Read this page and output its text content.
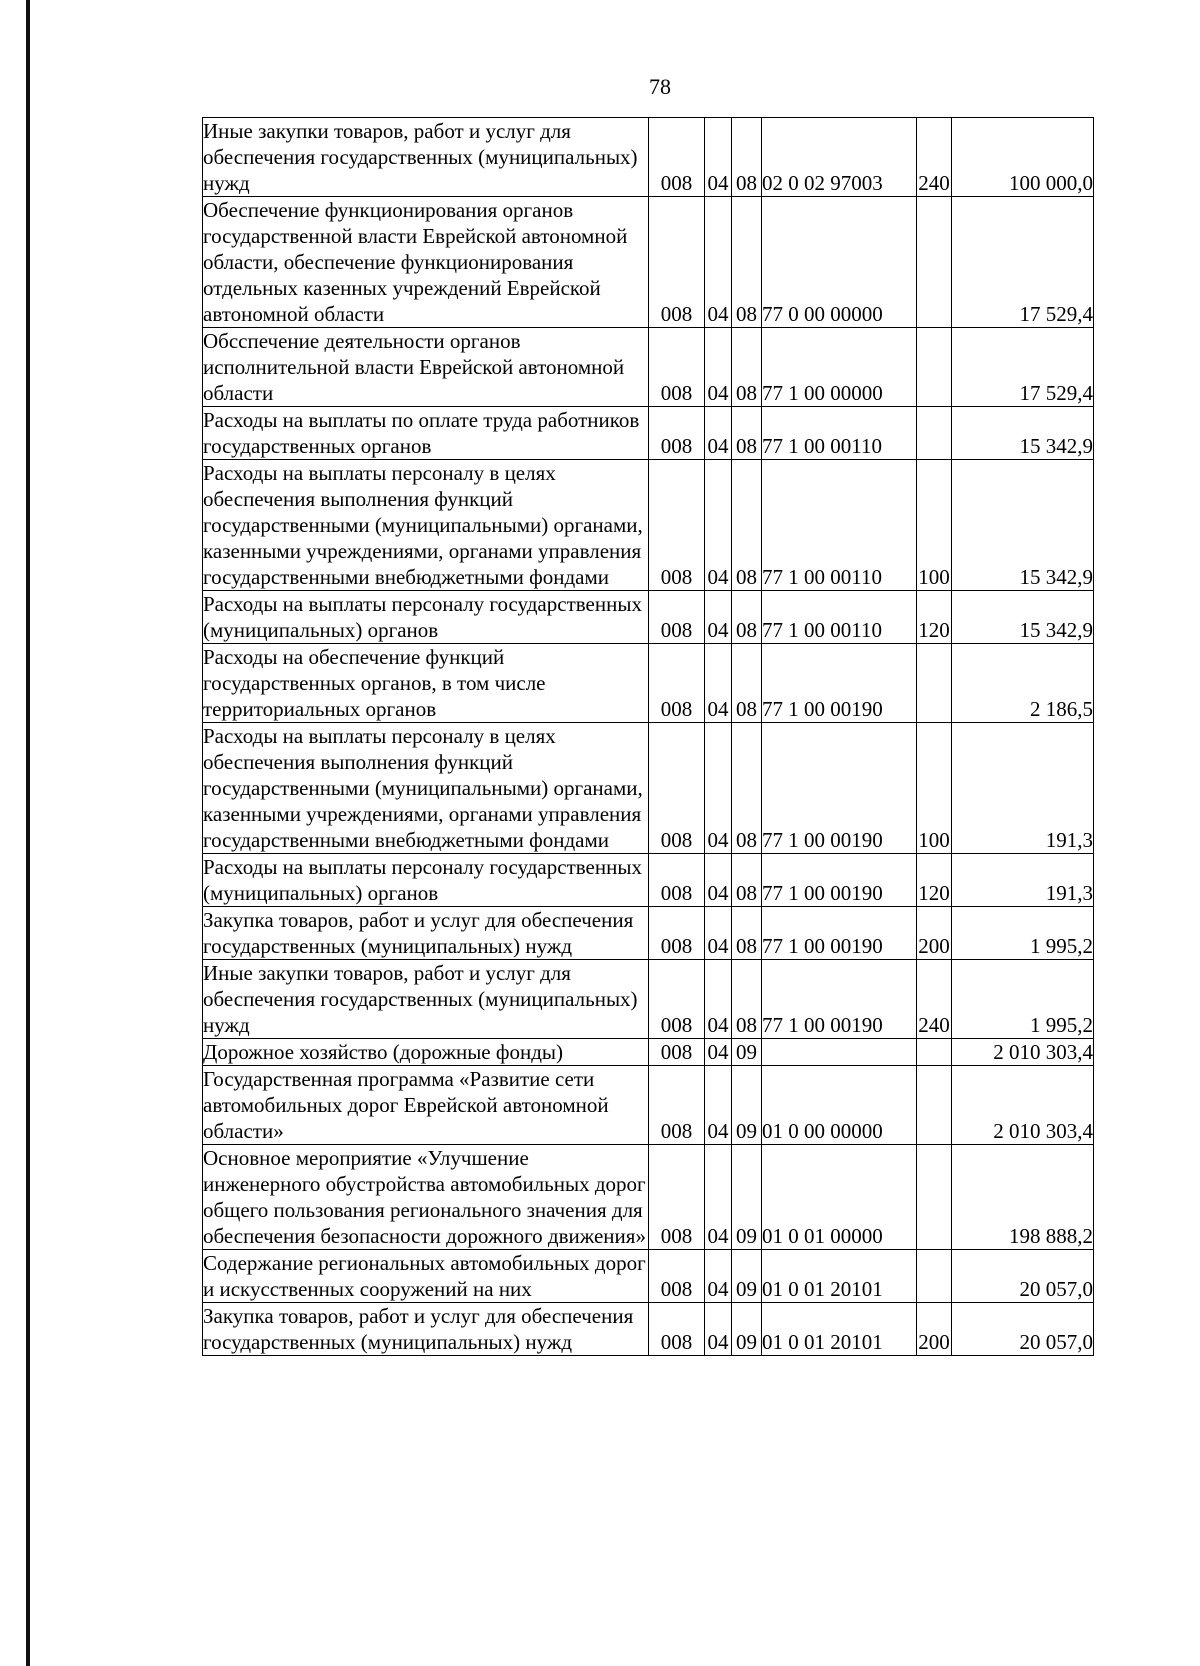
78
Иные закупки товаров, работ и услуг для обеспечения государственных (муниципальных) нужд	008	04	08	02 0 02 97003	240	100 000,0
Обеспечение функционирования органов государственной власти Еврейской автономной области, обеспечение функционирования отдельных казенных учреждений Еврейской автономной области	008	04	08	77 0 00 00000		17 529,4
Обсспечение деятельности органов исполнительной власти Еврейской автономной области	008	04	08	77 1 00 00000		17 529,4
Расходы на выплаты по оплате труда работников государственных органов	008	04	08	77 1 00 00110		15 342,9
Расходы на выплаты персоналу в целях обеспечения выполнения функций государственными (муниципальными) органами, казенными учреждениями, органами управления государственными внебюджетными фондами	008	04	08	77 1 00 00110	100	15 342,9
Расходы на выплаты персоналу государственных (муниципальных) органов	008	04	08	77 1 00 00110	120	15 342,9
Расходы на обеспечение функций государственных органов, в том числе территориальных органов	008	04	08	77 1 00 00190		2 186,5
Расходы на выплаты персоналу в целях обеспечения выполнения функций государственными (муниципальными) органами, казенными учреждениями, органами управления государственными внебюджетными фондами	008	04	08	77 1 00 00190	100	191,3
Расходы на выплаты персоналу государственных (муниципальных) органов	008	04	08	77 1 00 00190	120	191,3
Закупка товаров, работ и услуг для обеспечения государственных (муниципальных) нужд	008	04	08	77 1 00 00190	200	1 995,2
Иные закупки товаров, работ и услуг для обеспечения государственных (муниципальных) нужд	008	04	08	77 1 00 00190	240	1 995,2
Дорожное хозяйство (дорожные фонды)	008	04	09			2 010 303,4
Государственная программа «Развитие сети автомобильных дорог Еврейской автономной области»	008	04	09	01 0 00 00000		2 010 303,4
Основное мероприятие «Улучшение инженерного обустройства автомобильных дорог общего пользования регионального значения для обеспечения безопасности дорожного движения»	008	04	09	01 0 01 00000		198 888,2
Содержание региональных автомобильных дорог и искусственных сооружений на них	008	04	09	01 0 01 20101		20 057,0
Закупка товаров, работ и услуг для обеспечения государственных (муниципальных) нужд	008	04	09	01 0 01 20101	200	20 057,0
